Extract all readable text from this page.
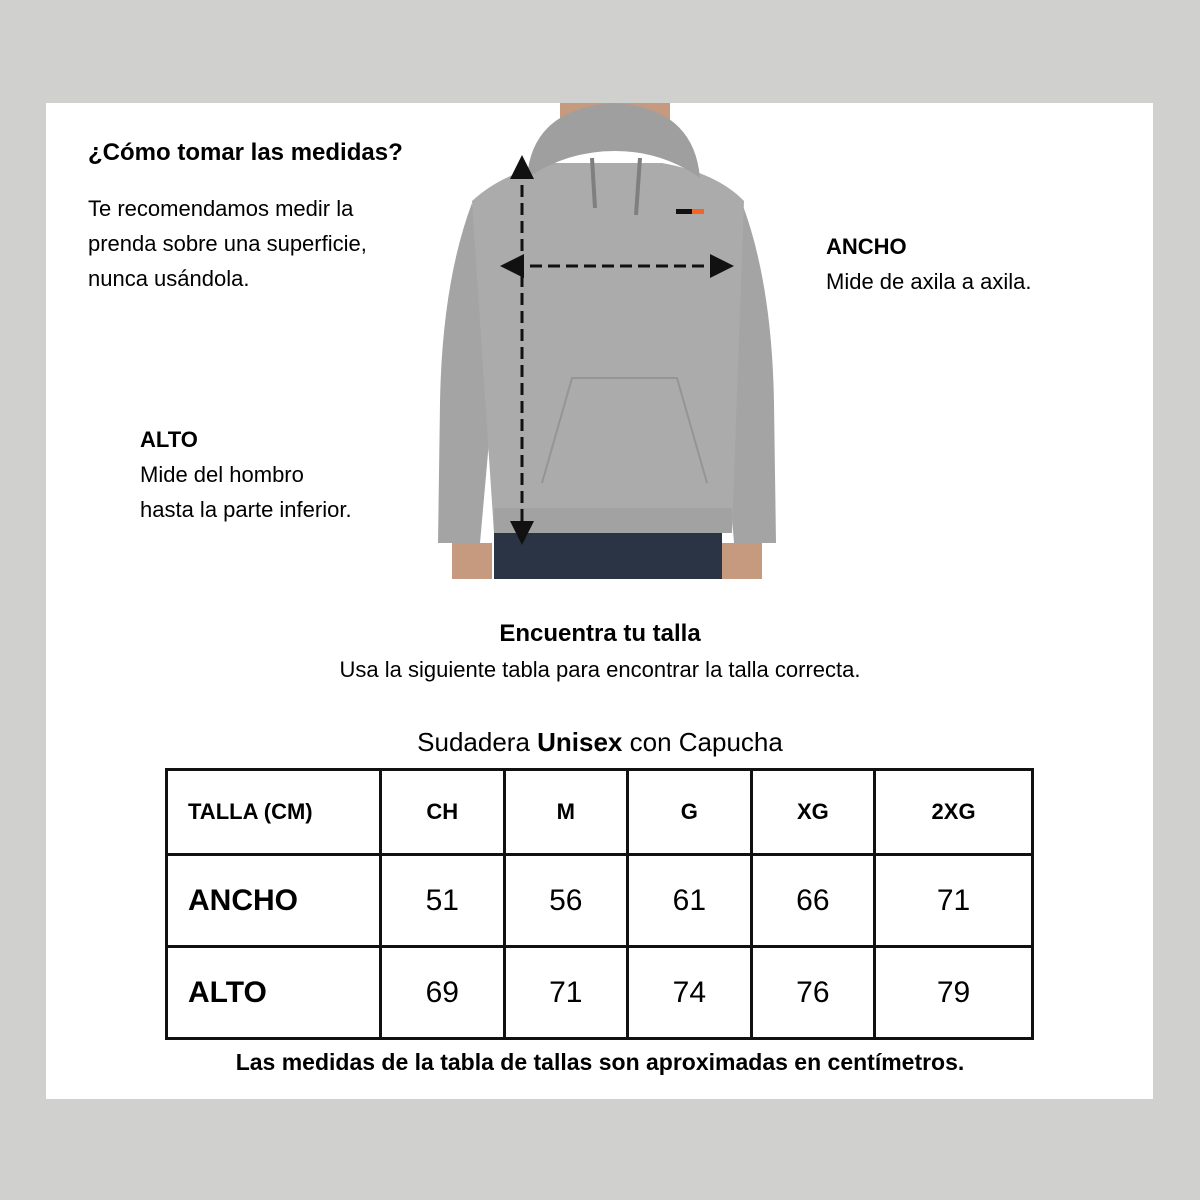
¿Cómo tomar las medidas?
Te recomendamos medir la
prenda sobre una superficie,
nunca usándola.
ANCHO
Mide de axila a axila.
ALTO
Mide del hombro
hasta la parte inferior.
Encuentra tu talla
Usa la siguiente tabla para encontrar la talla correcta.
Sudadera Unisex con Capucha
TALLA (CM)	CH	M	G	XG	2XG
ANCHO	51	56	61	66	71
ALTO	69	71	74	76	79
Las medidas de la tabla de tallas son aproximadas en centímetros.
